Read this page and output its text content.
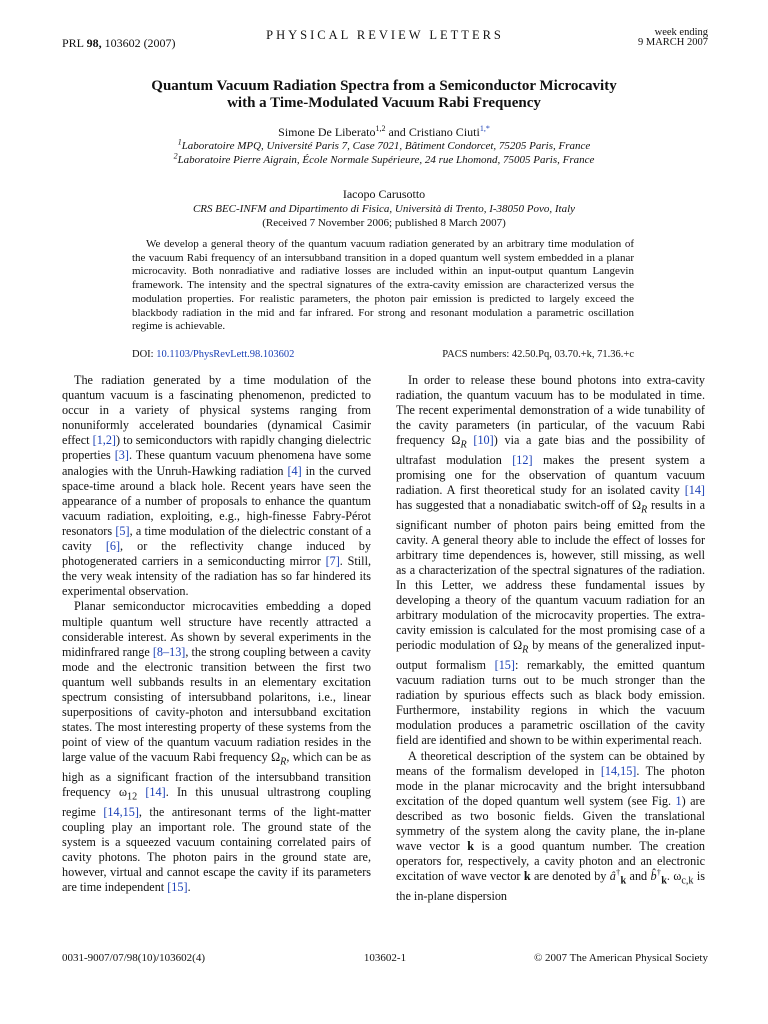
PRL 98, 103602 (2007)
PHYSICAL REVIEW LETTERS	week ending
9 MARCH 2007
Quantum Vacuum Radiation Spectra from a Semiconductor Microcavity
with a Time-Modulated Vacuum Rabi Frequency
Simone De Liberato$^{1,2}$ and Cristiano Ciuti$^{1,*}$
$^1$Laboratoire MPQ, Université Paris 7, Case 7021, Bâtiment Condorcet, 75205 Paris, France
$^2$Laboratoire Pierre Aigrain, École Normale Supérieure, 24 rue Lhomond, 75005 Paris, France
Iacopo Carusotto
CRS BEC-INFM and Dipartimento di Fisica, Università di Trento, I-38050 Povo, Italy
(Received 7 November 2006; published 8 March 2007)
We develop a general theory of the quantum vacuum radiation generated by an arbitrary time modulation of the vacuum Rabi frequency of an intersubband transition in a doped quantum well system embedded in a planar microcavity. Both nonradiative and radiative losses are included within an input-output quantum Langevin framework. The intensity and the spectral signatures of the extra-cavity emission are characterized versus the modulation properties. For realistic parameters, the photon pair emission is predicted to largely exceed the blackbody radiation in the mid and far infrared. For strong and resonant modulation a parametric oscillation regime is achievable.
DOI: 10.1103/PhysRevLett.98.103602	PACS numbers: 42.50.Pq, 03.70.+k, 71.36.+c

The radiation generated by a time modulation of the quantum vacuum is a fascinating phenomenon, predicted to occur in a variety of physical systems ranging from nonuniformly accelerated boundaries (dynamical Casimir effect [1,2]) to semiconductors with rapidly changing dielectric properties [3]. These quantum vacuum phenomena have some analogies with the Unruh-Hawking radiation [4] in the curved space-time around a black hole. Recent years have seen the appearance of a number of proposals to enhance the quantum vacuum radiation, exploiting, e.g., high-finesse Fabry-Pérot resonators [5], a time modulation of the dielectric constant of a cavity [6], or the reflectivity change induced by photogenerated carriers in a semiconducting mirror [7]. Still, the very weak intensity of the radiation has so far hindered its experimental observation.

Planar semiconductor microcavities embedding a doped multiple quantum well structure have recently attracted a considerable interest. As shown by several experiments in the midinfrared range [8–13], the strong coupling between a cavity mode and the electronic transition between the first two quantum well subbands results in an elementary excitation spectrum consisting of intersubband polaritons, i.e., linear superpositions of cavity-photon and intersubband excitation states. The most interesting property of these systems from the point of view of the quantum vacuum radiation resides in the large value of the vacuum Rabi frequency $\Omega_R$, which can be as high as a significant fraction of the intersubband transition frequency $\omega_{12}$ [14]. In this unusual ultrastrong coupling regime [14,15], the antiresonant terms of the light-matter coupling play an important role. The ground state of the system is a squeezed vacuum containing correlated pairs of cavity photons. The photon pairs in the ground state are, however, virtual and cannot escape the cavity if its parameters are time independent [15].

In order to release these bound photons into extra-cavity radiation, the quantum vacuum has to be modulated in time. The recent experimental demonstration of a wide tunability of the cavity parameters (in particular, of the vacuum Rabi frequency $\Omega_R$ [10]) via a gate bias and the possibility of ultrafast modulation [12] makes the present system a promising one for the observation of quantum vacuum radiation. A first theoretical study for an isolated cavity [14] has suggested that a nonadiabatic switch-off of $\Omega_R$ results in a significant number of photon pairs being emitted from the cavity. A general theory able to include the effect of losses for arbitrary time dependences is, however, still missing, as well as a characterization of the spectral signatures of the radiation. In this Letter, we address these fundamental issues by developing a theory of the quantum vacuum radiation for an arbitrary modulation of the microcavity properties. The extra-cavity emission is calculated for the most promising case of a periodic modulation of $\Omega_R$ by means of the generalized input-output formalism [15]: remarkably, the emitted quantum vacuum radiation turns out to be much stronger than the radiation by spurious effects such as black body emission. Furthermore, instability regions in which the vacuum modulation produces a parametric oscillation of the cavity field are identified and shown to be within experimental reach.

A theoretical description of the system can be obtained by means of the formalism developed in [14,15]. The photon mode in the planar microcavity and the bright intersubband excitation of the doped quantum well system (see Fig. 1) are described as two bosonic fields. Given the translational symmetry of the system along the cavity plane, the in-plane wave vector k is a good quantum number. The creation operators for, respectively, a cavity photon and an electronic excitation of wave vector k are denoted by $â^\dagger_k$ and $b̂^\dagger_k$. $\omega_{c,k}$ is the in-plane dispersion

0031-9007/07/98(10)/103602(4)	103602-1	© 2007 The American Physical Society
